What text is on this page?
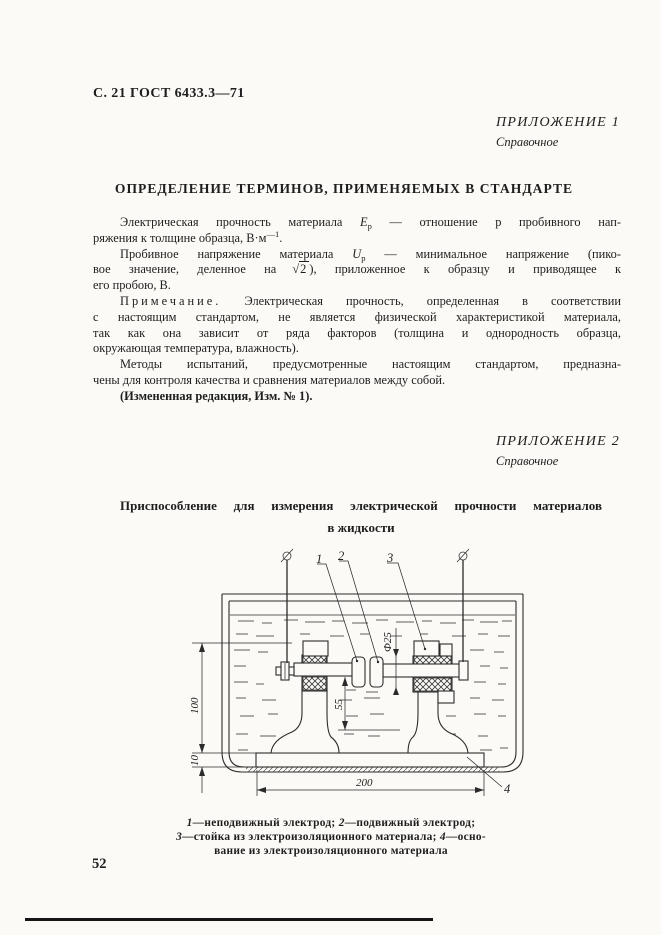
С. 21 ГОСТ 6433.3—71
ПРИЛОЖЕНИЕ 1
Справочное
ОПРЕДЕЛЕНИЕ ТЕРМИНОВ, ПРИМЕНЯЕМЫХ В СТАНДАРТЕ

Электрическая прочность материала $E_р$ — отношение р пробивного нап-

ряжения к толщине образца, $В\cdot м^{—1}$.

Пробивное напряжение материала $U_р$ — минимальное напряжение (пико-

вое значение, деленное на √2 ), приложенное к образцу и приводящее к

его пробою, В.

Примечание. Электрическая прочность, определенная в соответствии

с настоящим стандартом, не является физической характеристикой материала,

так как она зависит от ряда факторов (толщина и однородность образца,

окружающая температура, влажность).

Методы испытаний, предусмотренные настоящим стандартом, предназна-

чены для контроля качества и сравнения материалов между собой.

(Измененная редакция, Изм. № 1).

ПРИЛОЖЕНИЕ 2
Справочное
Приспособление для измерения электрической прочности материалов
в жидкости
100
10
55
Ф25
200
1 2	3
4
1—неподвижный электрод; 2—подвижный электрод;
3—стойка из электроизоляционного материала; 4—осно-
вание из электроизоляционного материала
52
